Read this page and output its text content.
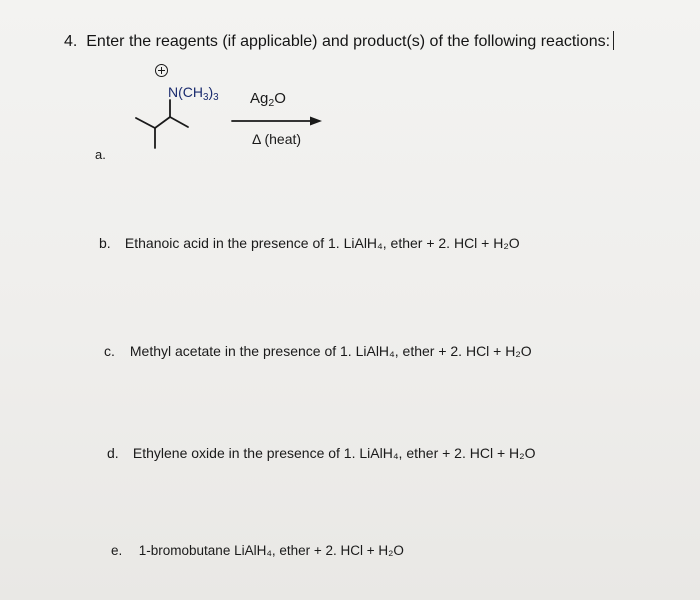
4. Enter the reagents (if applicable) and product(s) of the following reactions:
$N(CH_3)_3$ $Ag_2O$
Δ (heat)
a.
b. Ethanoic acid in the presence of 1. LiAlH₄, ether + 2. HCl + H₂O
c. Methyl acetate in the presence of 1. LiAlH₄, ether + 2. HCl + H₂O
d. Ethylene oxide in the presence of 1. LiAlH₄, ether + 2. HCl + H₂O
e. 1-bromobutane LiAlH₄, ether + 2. HCl + H₂O
